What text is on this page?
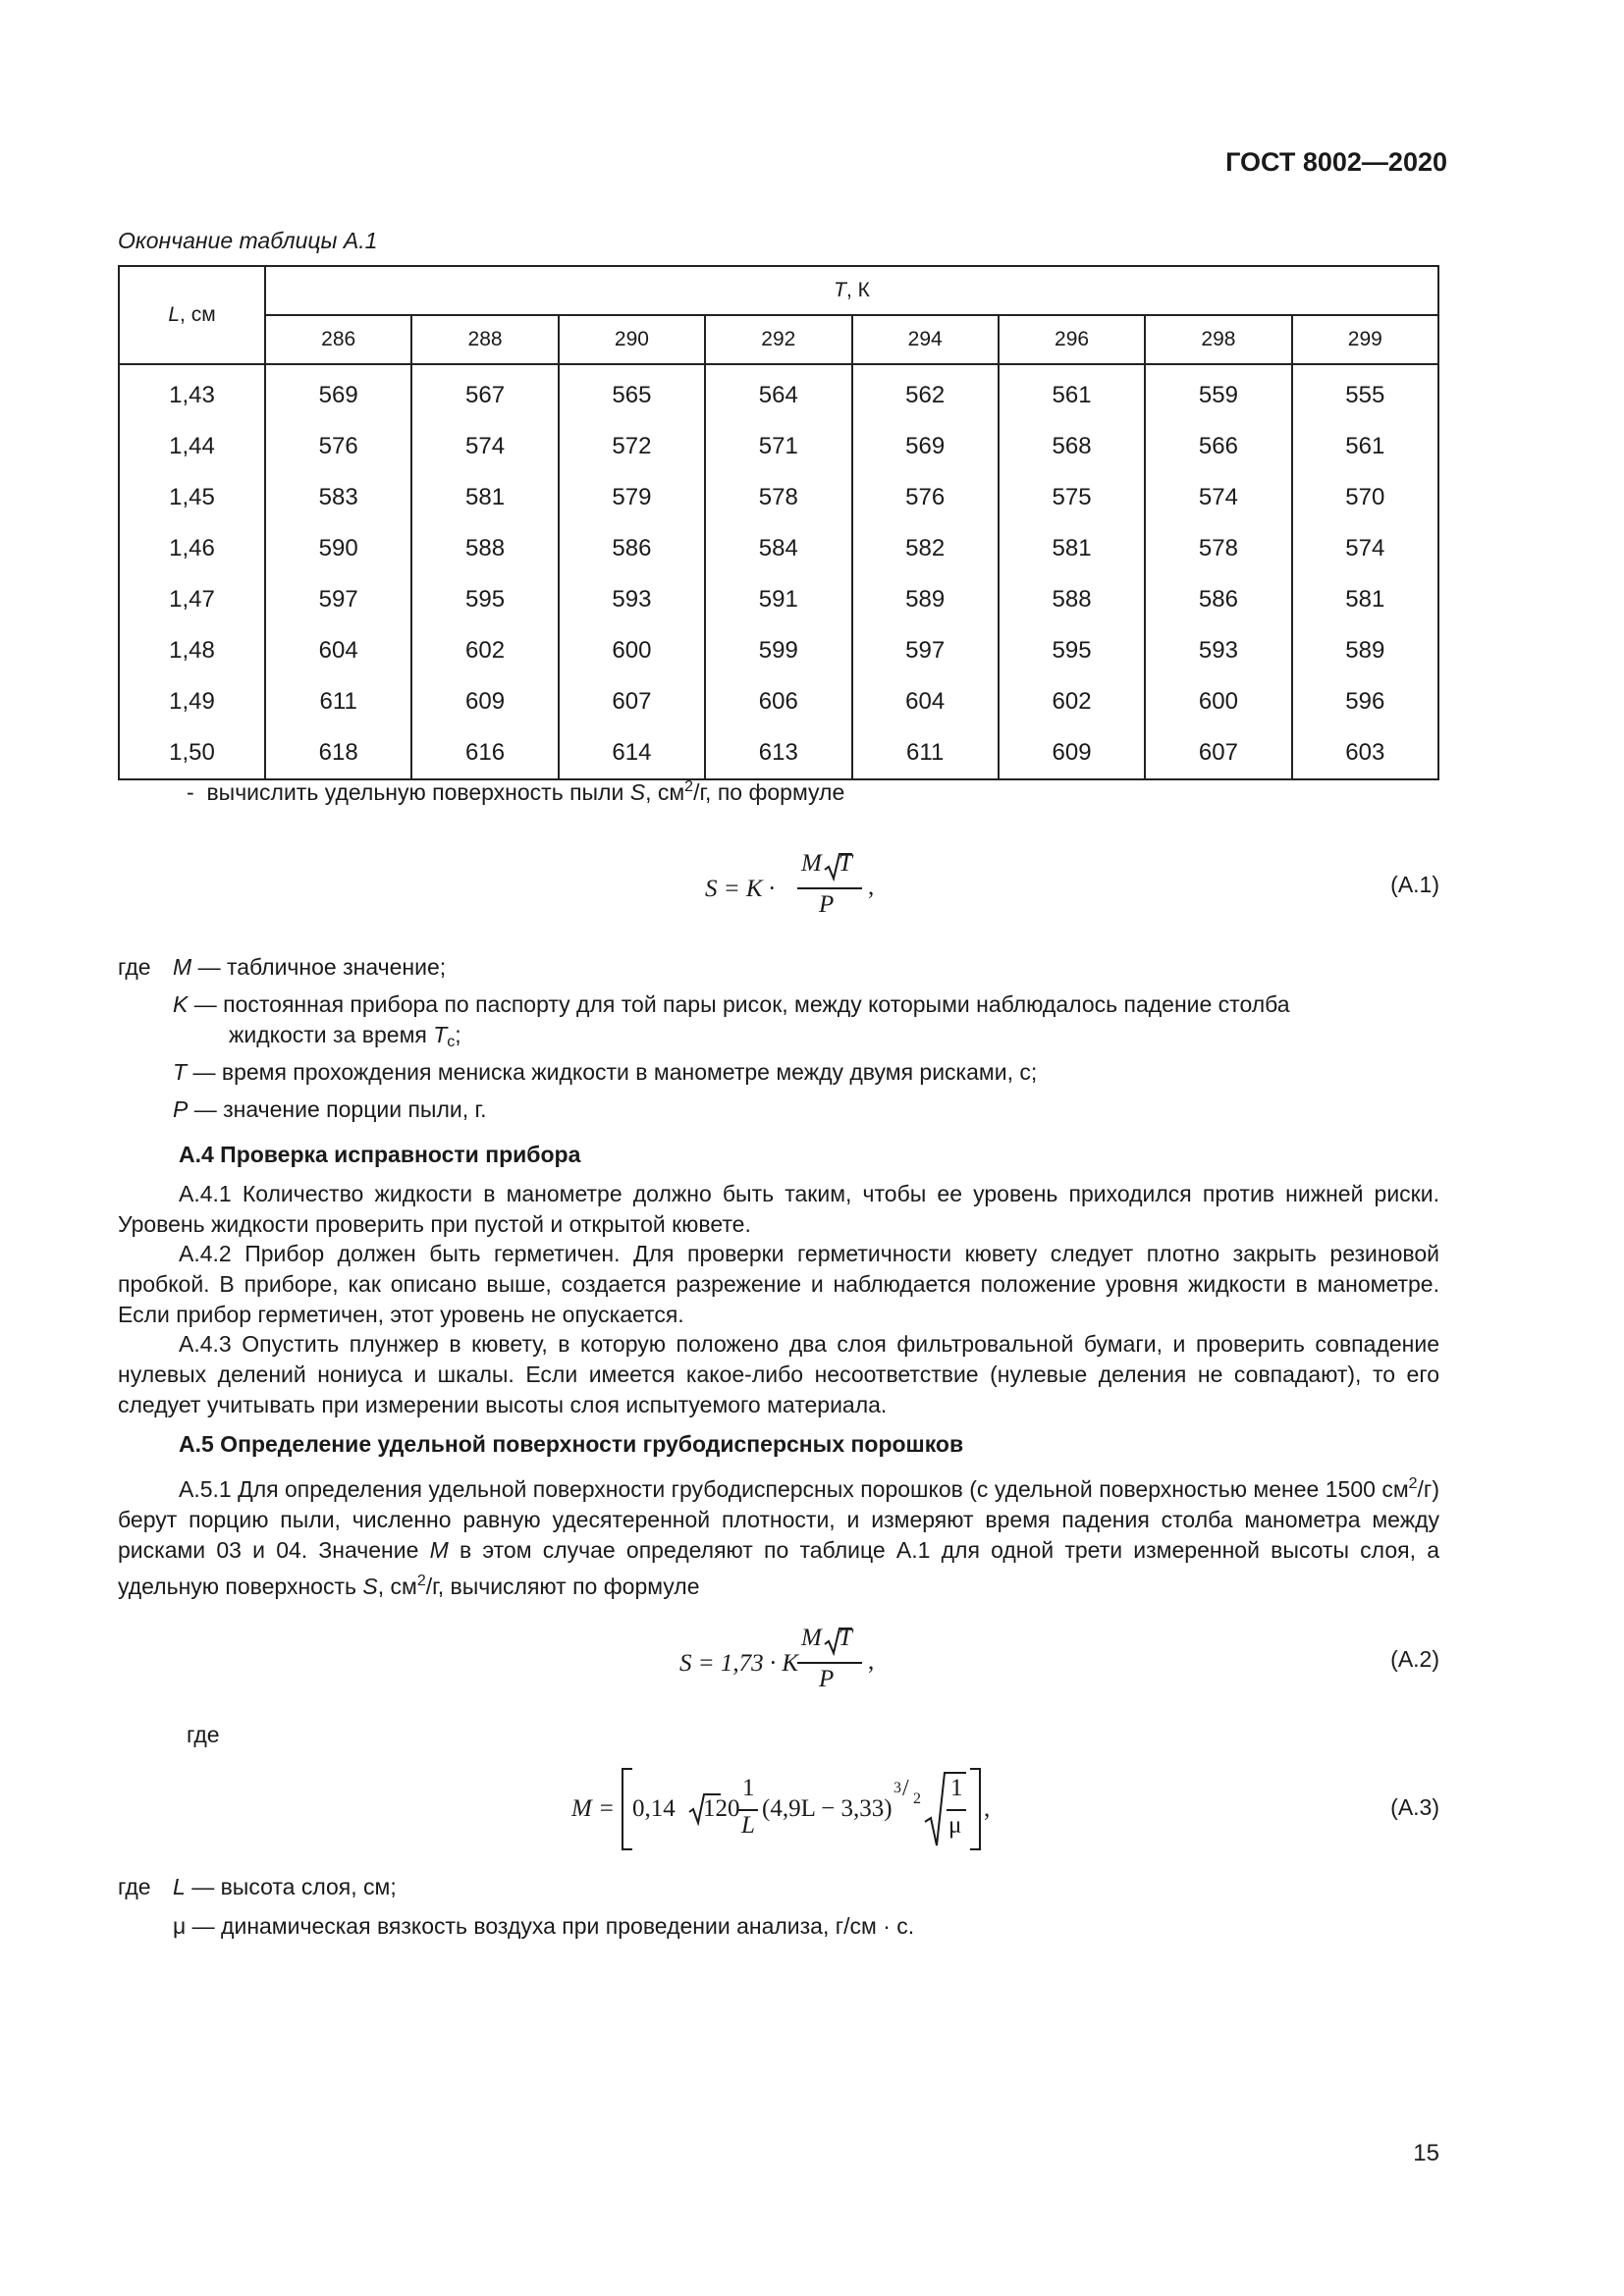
ГОСТ 8002—2020
Окончание таблицы А.1
L, см	T, К							
	286	288	290	292	294	296	298	299
1,43	569	567	565	564	562	561	559	555
1,44	576	574	572	571	569	568	566	561
1,45	583	581	579	578	576	575	574	570
1,46	590	588	586	584	582	581	578	574
1,47	597	595	593	591	589	588	586	581
1,48	604	602	600	599	597	595	593	589
1,49	611	609	607	606	604	602	600	596
1,50	618	616	614	613	611	609	607	603
- вычислить удельную поверхность пыли S, $см^2/г$, по формуле
S = K ·
M T
P
,	(А.1)
где M — табличное значение;
K — постоянная прибора по паспорту для той пары рисок, между которыми наблюдалось падение столба
жидкости за время $T_с$;
T — время прохождения мениска жидкости в манометре между двумя рисками, с;
P — значение порции пыли, г.
А.4 Проверка исправности прибора
А.4.1 Количество жидкости в манометре должно быть таким, чтобы ее уровень приходился против нижней риски. Уровень жидкости проверить при пустой и открытой кювете.
А.4.2 Прибор должен быть герметичен. Для проверки герметичности кювету следует плотно закрыть резиновой пробкой. В приборе, как описано выше, создается разрежение и наблюдается положение уровня жидкости в манометре. Если прибор герметичен, этот уровень не опускается.
А.4.3 Опустить плунжер в кювету, в которую положено два слоя фильтровальной бумаги, и проверить совпадение нулевых делений нониуса и шкалы. Если имеется какое-либо несоответствие (нулевые деления не совпадают), то его следует учитывать при измерении высоты слоя испытуемого материала.
А.5 Определение удельной поверхности грубодисперсных порошков
А.5.1 Для определения удельной поверхности грубодисперсных порошков (с удельной поверхностью менее 1500 $см^2/г$) берут порцию пыли, численно равную удесятеренной плотности, и измеряют время падения столба манометра между рисками 03 и 04. Значение M в этом случае определяют по таблице А.1 для одной трети измеренной высоты слоя, а удельную поверхность S, $см^2/г$, вычисляют по формуле
S = 1,73 · K
M T
P
,	(А.2)
где
M = 0,14 120
1
L
(4,9L − 3,33)
3 / 2 1
μ
,	(А.3)
где L — высота слоя, см;
μ — динамическая вязкость воздуха при проведении анализа, г/см · с.
15
